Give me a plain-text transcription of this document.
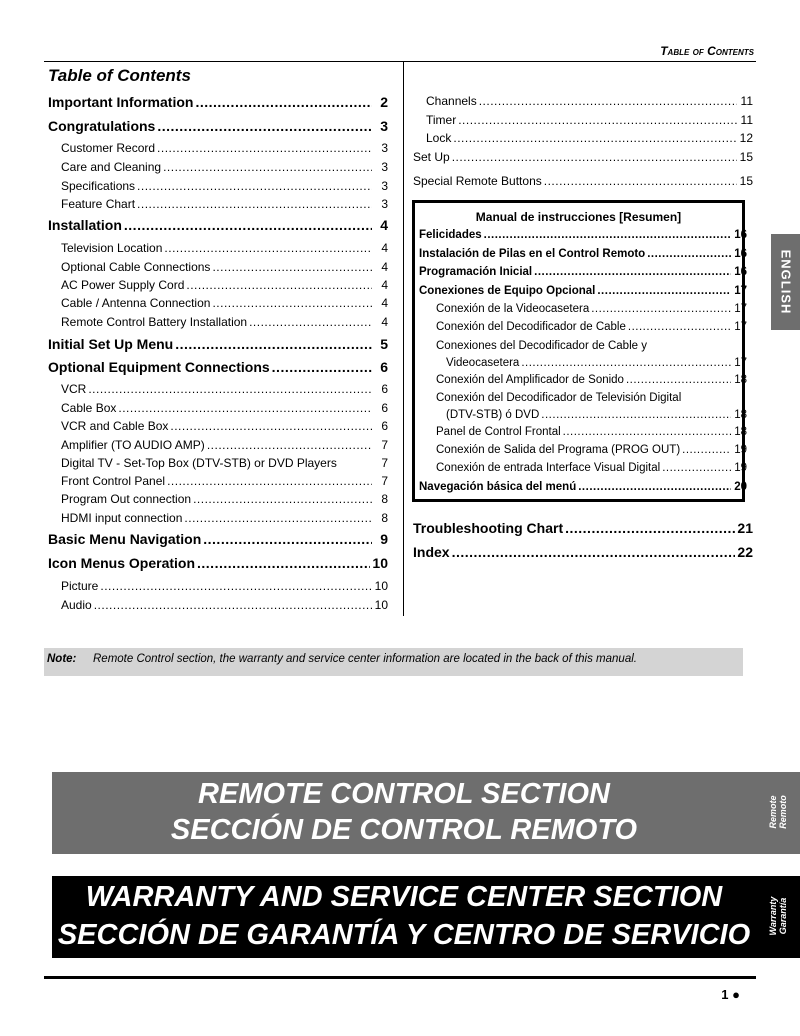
Table of Contents
Table of Contents
Important Information .....	2
Congratulations .....	3
Customer Record .....	3
Care and Cleaning .....	3
Specifications .....	3
Feature Chart .....	3
Installation .....	4
Television Location .....	4
Optional Cable Connections .....	4
AC Power Supply Cord .....	4
Cable / Antenna Connection .....	4
Remote Control Battery Installation .....	4
Initial Set Up Menu .....	5
Optional Equipment Connections .....	6
VCR .....	6
Cable Box .....	6
VCR and Cable Box .....	6
Amplifier (TO AUDIO AMP) .....	7
Digital TV - Set-Top Box (DTV-STB) or DVD Players	7
Front Control Panel .....	7
Program Out connection .....	8
HDMI input connection .....	8
Basic Menu Navigation .....	9
Icon Menus Operation .....	10
Picture .....	10
Audio .....	10
Channels .....	11
Timer .....	11
Lock .....	12
Set Up .....	15
Special Remote Buttons .....	15
Manual de instrucciones [Resumen]
Felicidades .....	16
Instalación de Pilas en el Control Remoto .....	16
Programación Inicial .....	16
Conexiones de Equipo Opcional .....	17
Conexión de la Videocasetera .....	17
Conexión del Decodificador de Cable .....	17
Conexiones del Decodificador de Cable y
Videocasetera .....	17
Conexión del Amplificador de Sonido .....	18
Conexión del Decodificador de Televisión Digital
(DTV-STB) ó DVD .....	18
Panel de Control Frontal .....	18
Conexión de Salida del Programa (PROG OUT) .....	19
Conexión de entrada Interface Visual Digital .....	19
Navegación básica del menú .....	20
Troubleshooting Chart .....	21
Index .....	22
ENGLISH
Note: Remote Control section, the warranty and service center information are located in the back of this manual.
REMOTE CONTROL SECTION
SECCIÓN DE CONTROL REMOTO
Remote Remoto
WARRANTY AND SERVICE CENTER SECTION
SECCIÓN DE GARANTÍA Y CENTRO DE SERVICIO	Warranty Garantía
1 ●
